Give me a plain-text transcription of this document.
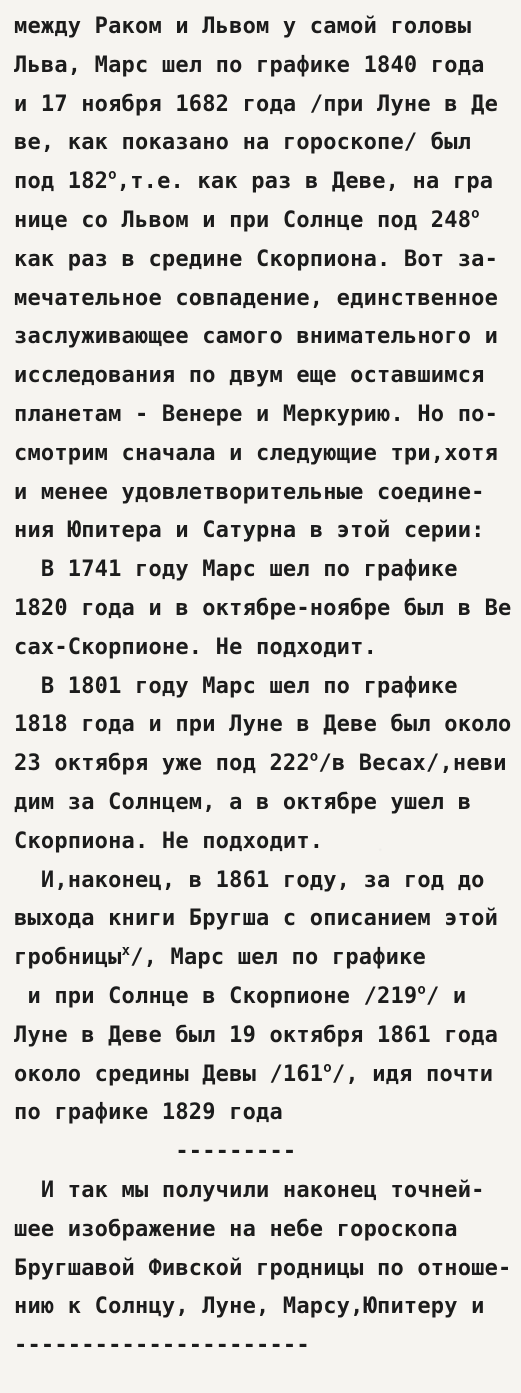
между Раком и Львом у самой головы
Льва, Марс шел по графике 1840 года
и 17 ноября 1682 года /при Луне в Де
ве, как показано на гороскопе/ был
под $182^о,т.е$. как раз в Деве, на гра
нице со Львом и при Солнце под $248^о$
как раз в средине Скорпиона. Вот за-
мечательное совпадение, единственное
заслуживающее самого внимательного и
исследования по двум еще оставшимся
планетам - Венере и Меркурию. Но по-
смотрим сначала и следующие три,хотя
и менее удовлетворительные соедине-
ния Юпитера и Сатурна в этой серии:
В 1741 году Марс шел по графике
1820 года и в октябре-ноябре был в Ве
сах-Скорпионе. Не подходит.
В 1801 году Марс шел по графике
1818 года и при Луне в Деве был около
23 октября уже под $222^о/в$ Весах/,неви
дим за Солнцем, а в октябре ушел в
Скорпиона. Не подходит.
И,наконец, в 1861 году, за год до
выхода книги Бругша с описанием этой
гробницы$^х$/, Марс шел по графике
и при Солнце в Скорпионе $/219^о/$ и
Луне в Деве был 19 октября 1861 года
около средины Девы $/161^о/$, идя почти
по графике 1829 года
---------
И так мы получили наконец точней-
шее изображение на небе гороскопа
Бругшавой Фивской гродницы по отноше-
нию к Солнцу, Луне, Марсу,Юпитеру и
----------------------
